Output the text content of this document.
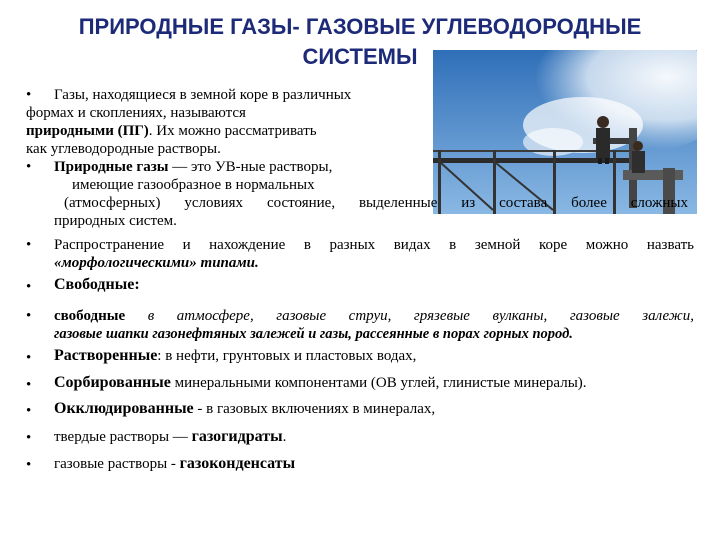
ПРИРОДНЫЕ ГАЗЫ- ГАЗОВЫЕ УГЛЕВОДОРОДНЫЕ
СИСТЕМЫ
• Газы, находящиеся в земной коре в различных
формах и скоплениях, называются
природными (ПГ). Их можно рассматривать
как углеводородные растворы.
• Природные газы — это УВ-ные растворы,
имеющие газообразное в нормальных
(атмосферных) условиях состояние, выделенные из состава более сложных
природных систем.
• Распространение и нахождение в разных видах в земной коре можно назвать
«морфологическими» типами.
• Свободные:
• свободные в атмосфере, газовые струи, грязевые вулканы, газовые залежи,
газовые шапки газонефтяных залежей и газы, рассеянные в порах горных пород.
• Растворенные: в нефти, грунтовых и пластовых водах,
• Сорбированные минеральными компонентами (ОВ углей, глинистые минералы).
• Окклюдированные - в газовых включениях в минералах,
• твердые растворы — газогидраты.
• газовые растворы - газоконденсаты
